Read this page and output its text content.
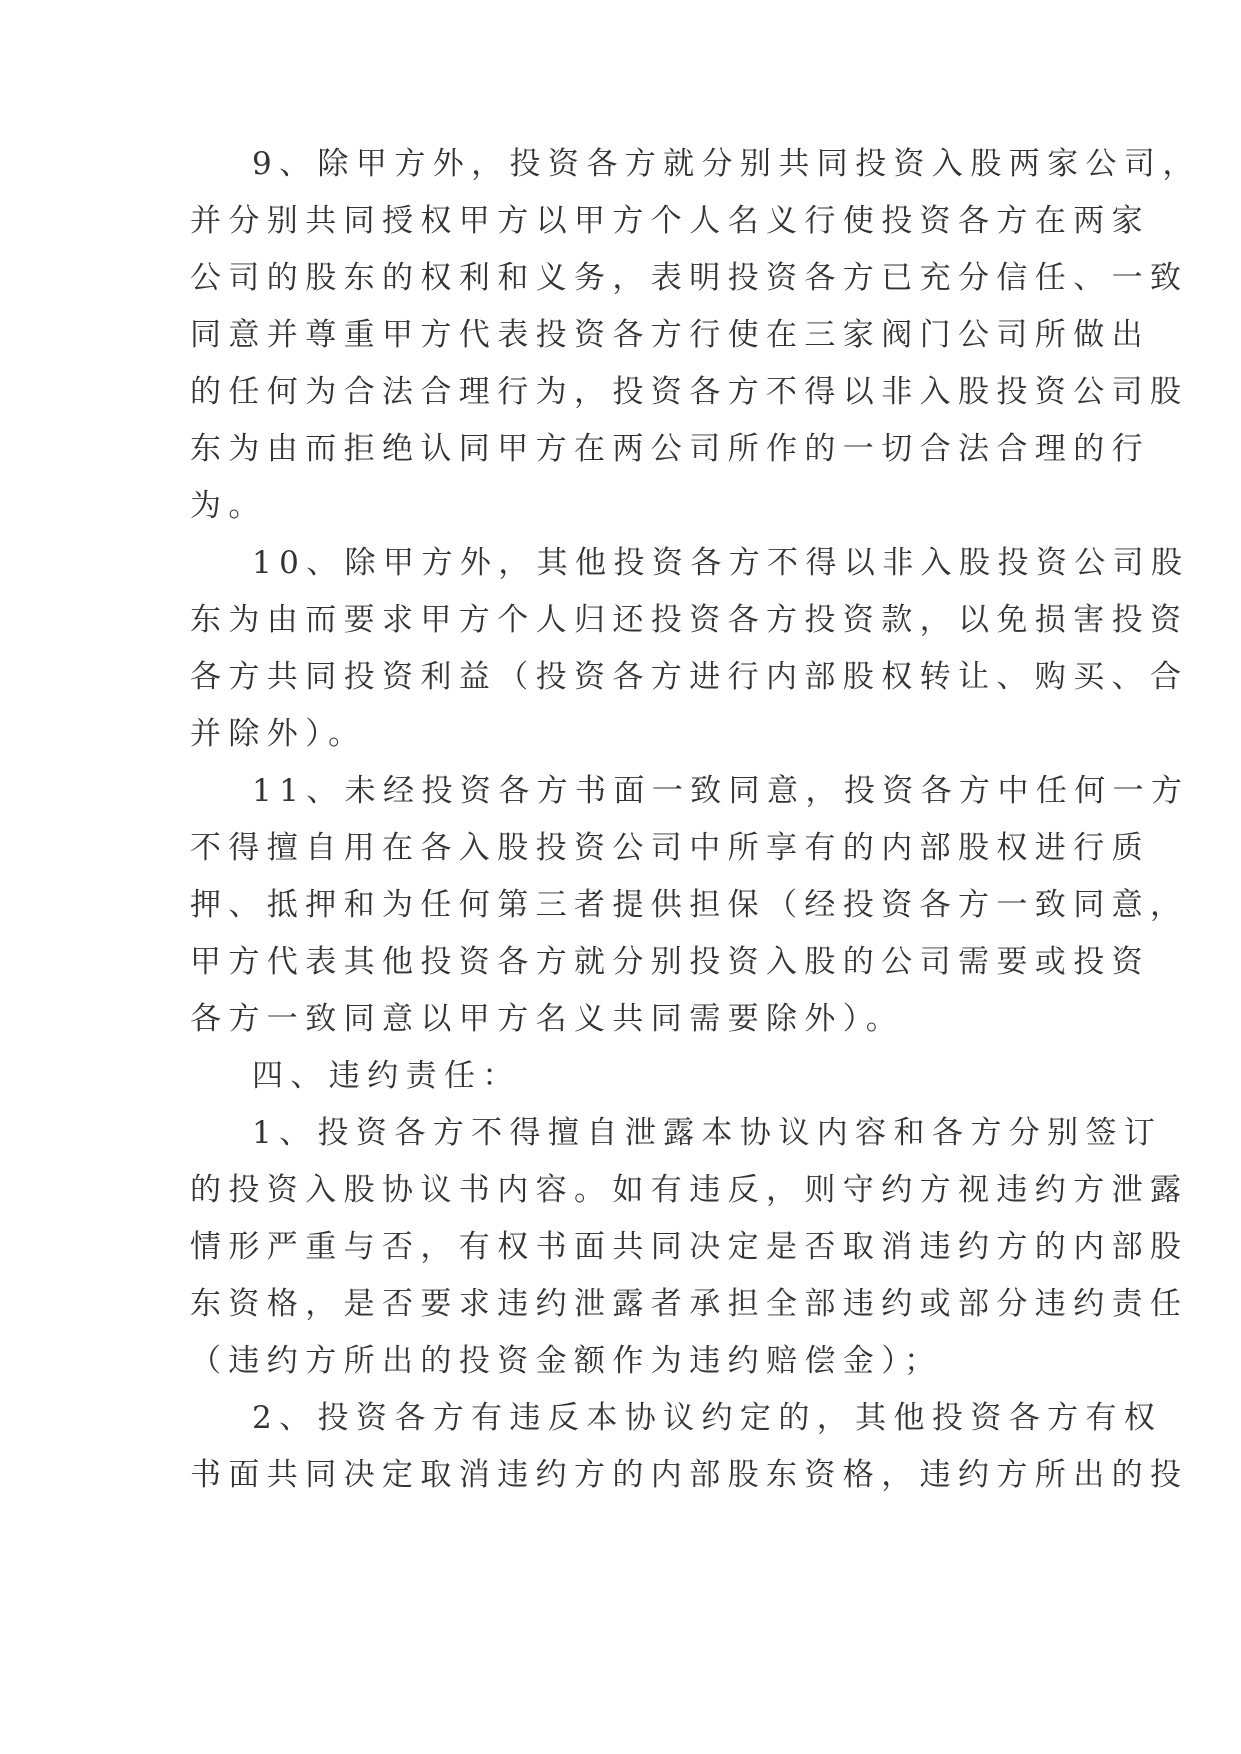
9、除甲方外，投资各方就分别共同投资入股两家公司，

并分别共同授权甲方以甲方个人名义行使投资各方在两家

公司的股东的权利和义务，表明投资各方已充分信任、一致

同意并尊重甲方代表投资各方行使在三家阀门公司所做出

的任何为合法合理行为，投资各方不得以非入股投资公司股

东为由而拒绝认同甲方在两公司所作的一切合法合理的行

为。

10、除甲方外，其他投资各方不得以非入股投资公司股

东为由而要求甲方个人归还投资各方投资款，以免损害投资

各方共同投资利益（投资各方进行内部股权转让、购买、合

并除外）。

11、未经投资各方书面一致同意，投资各方中任何一方

不得擅自用在各入股投资公司中所享有的内部股权进行质

押、抵押和为任何第三者提供担保（经投资各方一致同意，

甲方代表其他投资各方就分别投资入股的公司需要或投资

各方一致同意以甲方名义共同需要除外）。

四、违约责任：

1、投资各方不得擅自泄露本协议内容和各方分别签订

的投资入股协议书内容。如有违反，则守约方视违约方泄露

情形严重与否，有权书面共同决定是否取消违约方的内部股

东资格，是否要求违约泄露者承担全部违约或部分违约责任

（违约方所出的投资金额作为违约赔偿金）；

2、投资各方有违反本协议约定的，其他投资各方有权

书面共同决定取消违约方的内部股东资格，违约方所出的投
